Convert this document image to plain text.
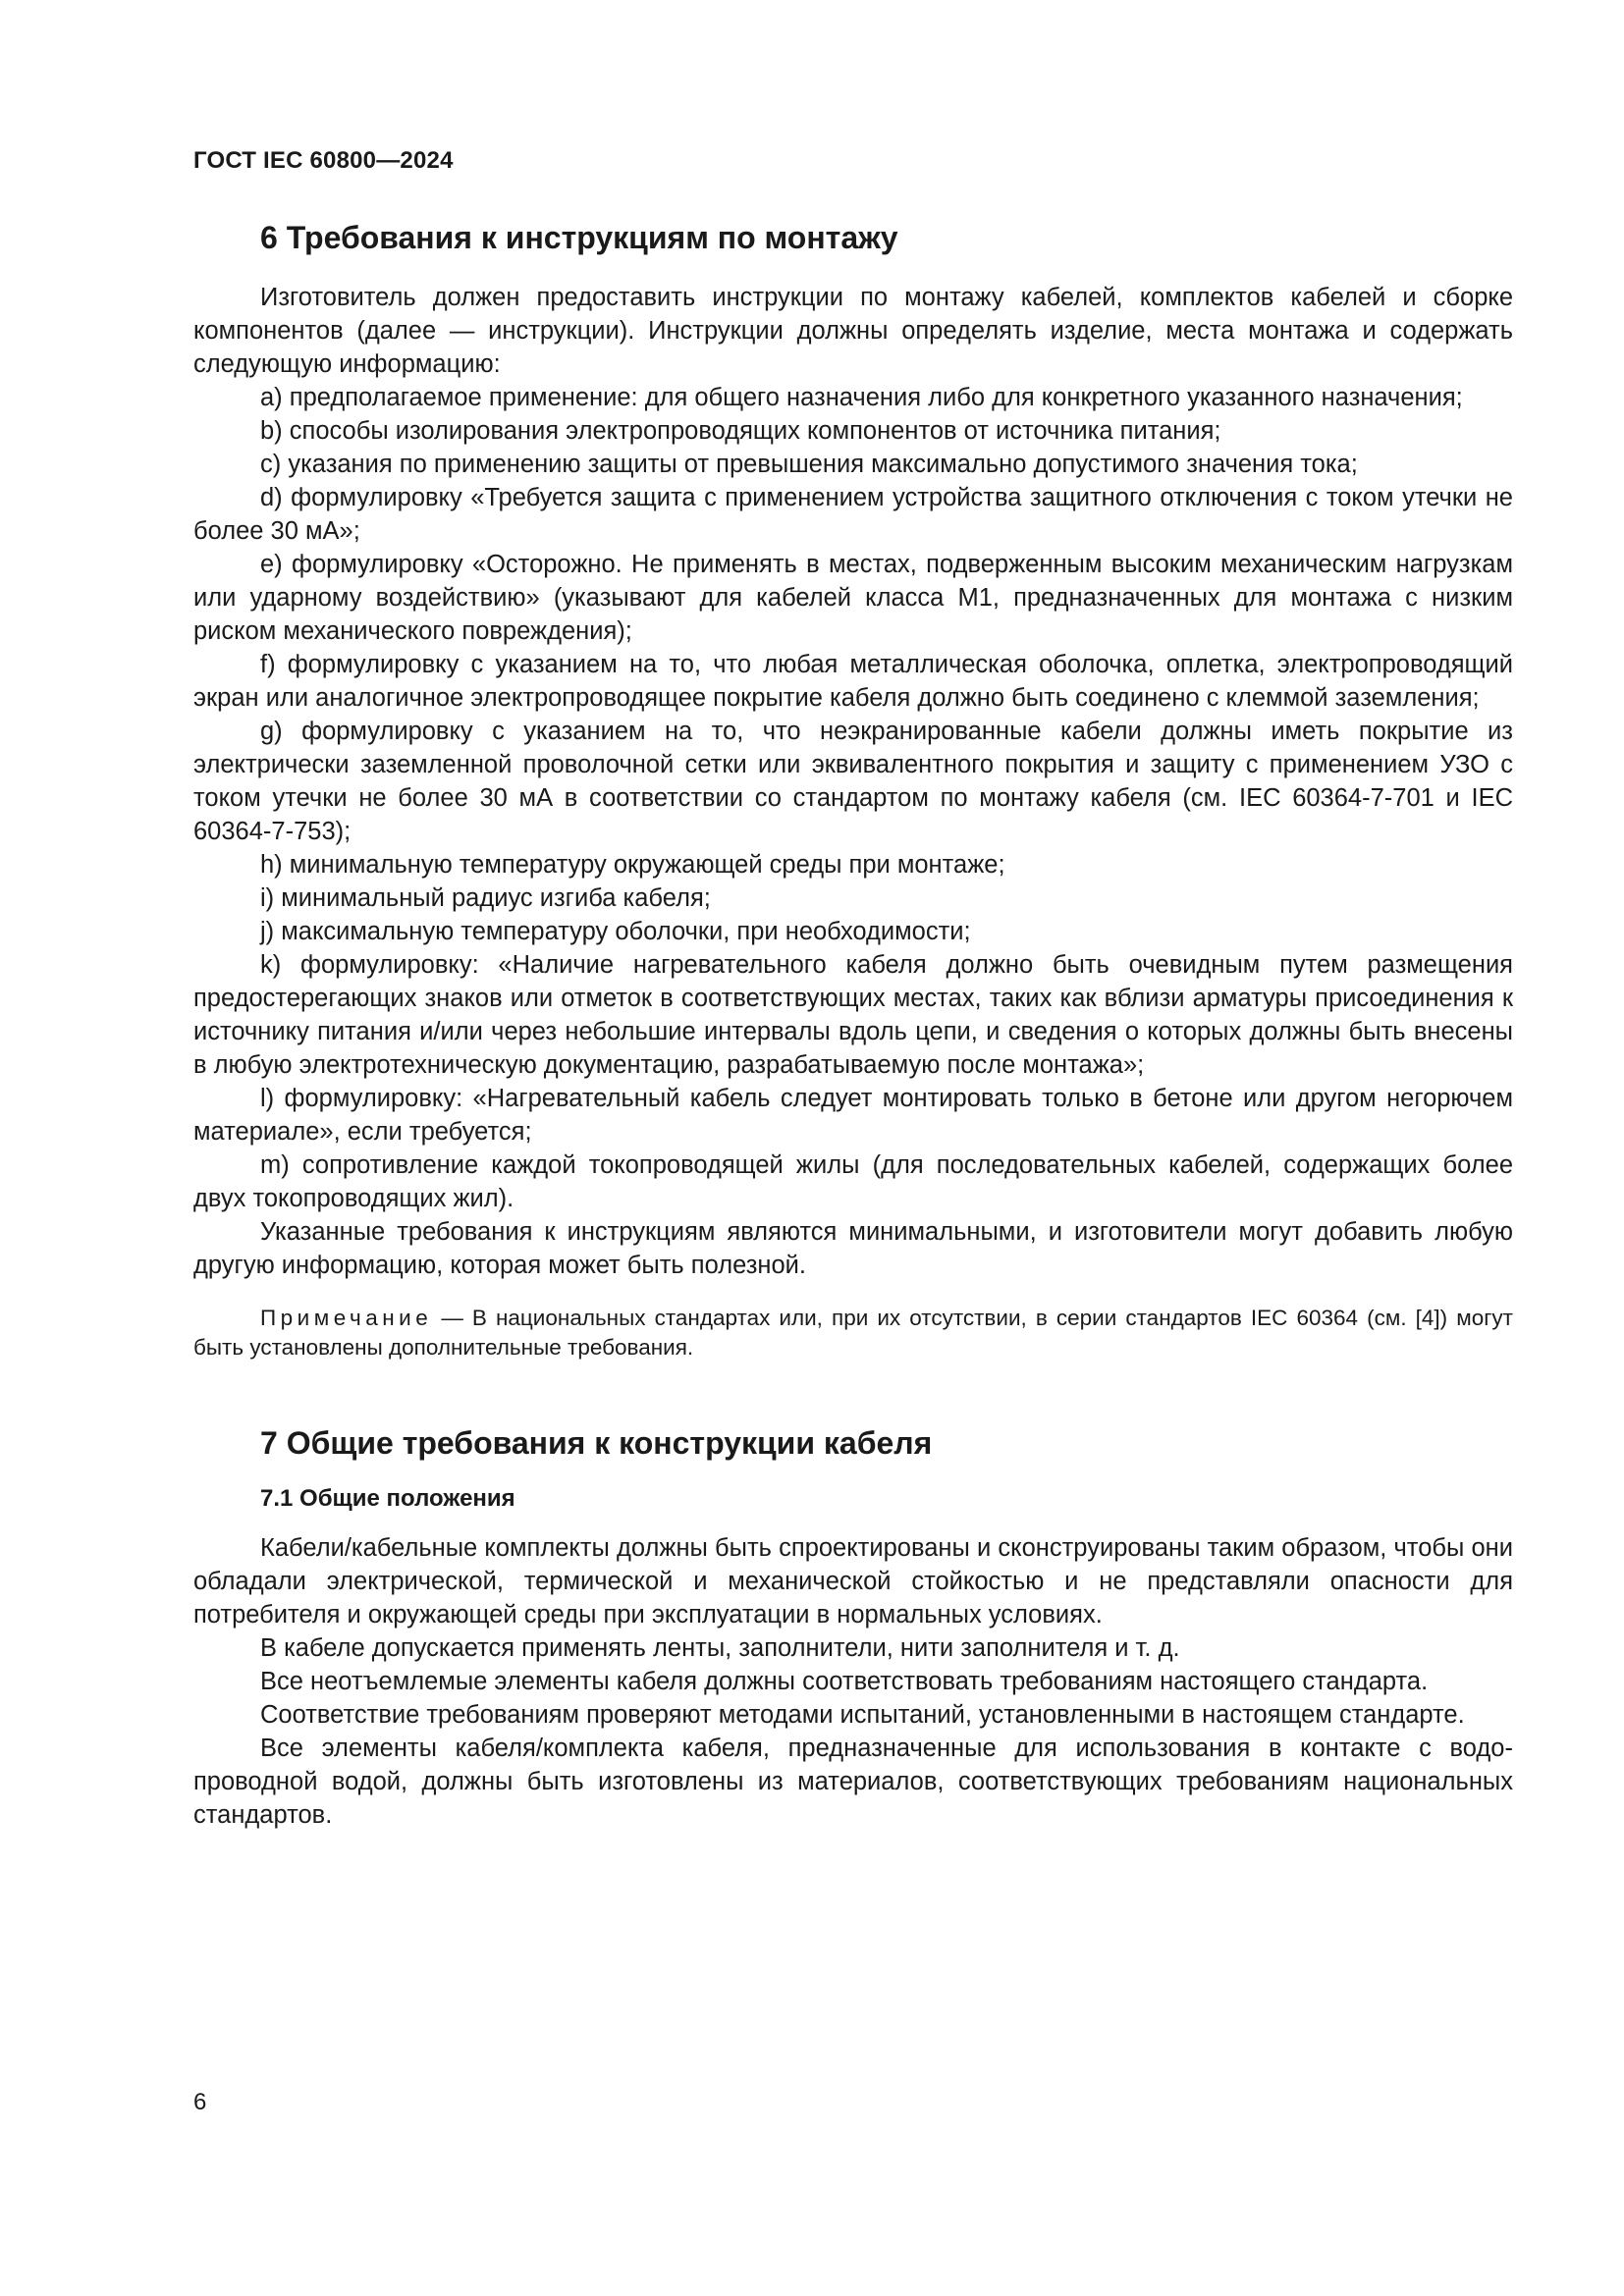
ГОСТ IEC 60800—2024
6 Требования к инструкциям по монтажу

Изготовитель должен предоставить инструкции по монтажу кабелей, комплектов кабелей и сборке компонентов (далее — инструкции). Инструкции должны определять изделие, места монтажа и содержать следующую информацию:

а) предполагаемое применение: для общего назначения либо для конкретного указанного назначения;

b) способы изолирования электропроводящих компонентов от источника питания;

с) указания по применению защиты от превышения максимально допустимого значения тока;

d) формулировку «Требуется защита с применением устройства защитного отключения с током утечки не более 30 мА»;

е) формулировку «Осторожно. Не применять в местах, подверженным высоким механическим нагрузкам или ударному воздействию» (указывают для кабелей класса М1, предназначенных для монтажа с низким риском механического повреждения);

f) формулировку с указанием на то, что любая металлическая оболочка, оплетка, электропроводящий экран или аналогичное электропроводящее покрытие кабеля должно быть соединено с клеммой заземления;

g) формулировку с указанием на то, что неэкранированные кабели должны иметь покрытие из электрически заземленной проволочной сетки или эквивалентного покрытия и защиту с применением УЗО с током утечки не более 30 мА в соответствии со стандартом по монтажу кабеля (см. IEC 60364-7-701 и IEC 60364-7-753);

h) минимальную температуру окружающей среды при монтаже;

i) минимальный радиус изгиба кабеля;

j) максимальную температуру оболочки, при необходимости;

k) формулировку: «Наличие нагревательного кабеля должно быть очевидным путем размещения предостерегающих знаков или отметок в соответствующих местах, таких как вблизи арматуры присоединения к источнику питания и/или через небольшие интервалы вдоль цепи, и сведения о которых должны быть внесены в любую электротехническую документацию, разрабатываемую после монтажа»;

l) формулировку: «Нагревательный кабель следует монтировать только в бетоне или другом негорючем материале», если требуется;

m) сопротивление каждой токопроводящей жилы (для последовательных кабелей, содержащих более двух токопроводящих жил).

Указанные требования к инструкциям являются минимальными, и изготовители могут добавить любую другую информацию, которая может быть полезной.

Примечание — В национальных стандартах или, при их отсутствии, в серии стандартов IEC 60364 (см. [4]) могут быть установлены дополнительные требования.

7 Общие требования к конструкции кабеля
7.1 Общие положения

Кабели/кабельные комплекты должны быть спроектированы и сконструированы таким образом, чтобы они обладали электрической, термической и механической стойкостью и не представляли опасности для потребителя и окружающей среды при эксплуатации в нормальных условиях.

В кабеле допускается применять ленты, заполнители, нити заполнителя и т. д.

Все неотъемлемые элементы кабеля должны соответствовать требованиям настоящего стандарта.

Соответствие требованиям проверяют методами испытаний, установленными в настоящем стандарте.

Все элементы кабеля/комплекта кабеля, предназначенные для использования в контакте с водопроводной водой, должны быть изготовлены из материалов, соответствующих требованиям национальных стандартов.

6
